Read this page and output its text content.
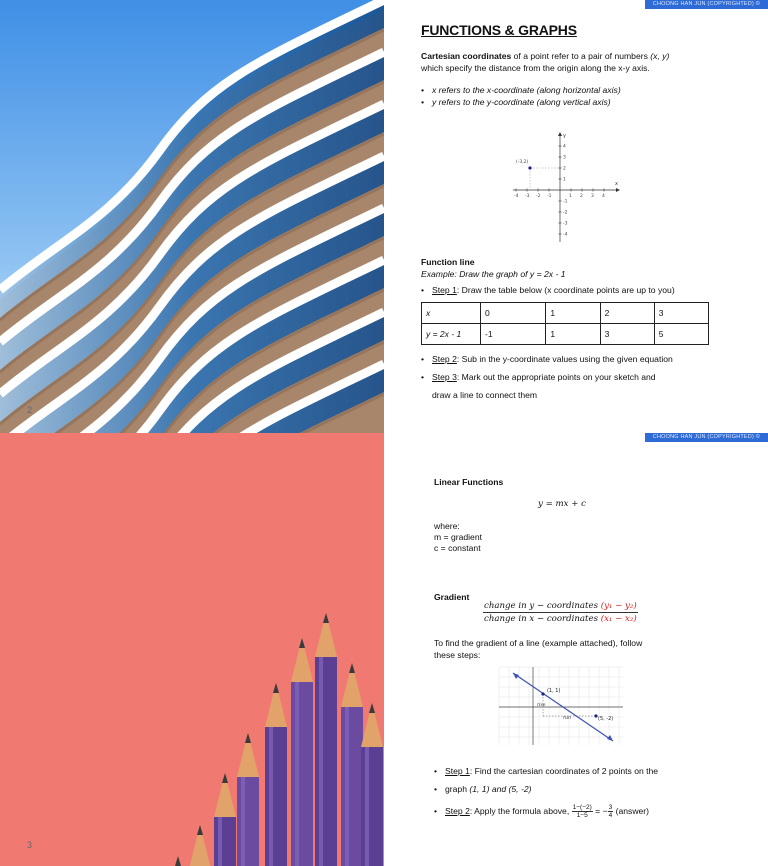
2
CHOONG HAN JUN (COPYRIGHTED) ©
FUNCTIONS & GRAPHS
Cartesian coordinates of a point refer to a pair of numbers (x, y)
which specify the distance from the origin along the x-y axis.
• x refers to the x-coordinate (along horizontal axis)
• y refers to the y-coordinate (along vertical axis)
x
y
-4 -3 -2 -1	1 2 3 4
4
3
2
1
-1
-2
-3
-4
(-3,2)
Function line
Example: Draw the graph of y = 2x - 1
• Step 1: Draw the table below (x coordinate points are up to you)
x	0	1	2	3
y = 2x - 1	-1	1	3	5
• Step 2: Sub in the y-coordinate values using the given equation
• Step 3: Mark out the appropriate points on your sketch and
draw a line to connect them
3
CHOONG HAN JUN (COPYRIGHTED) ©
Linear Functions
y = mx + c
where:
m = gradient
c = constant
Gradient
change in y − coordinates (y₁ − y₂)
change in x − coordinates (x₁ − x₂)
To find the gradient of a line (example attached), follow
these steps:
(1, 1)
(5, -2)
rise
run
• Step 1: Find the cartesian coordinates of 2 points on the
• graph (1, 1) and (5, -2)
• Step 2: Apply the formula above, $\frac{1-(-2)}{1-5}$ = − $\frac{3}{4}$ (answer)
